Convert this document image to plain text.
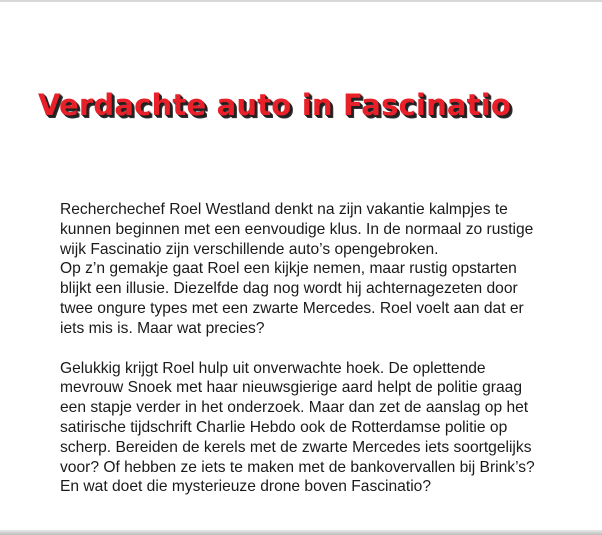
Verdachte auto in Fascinatio

Recherchechef Roel Westland denkt na zijn vakantie kalmpjes te
kunnen beginnen met een eenvoudige klus. In de normaal zo rustige
wijk Fascinatio zijn verschillende auto’s opengebroken.
Op z’n gemakje gaat Roel een kijkje nemen, maar rustig opstarten
blijkt een illusie. Diezelfde dag nog wordt hij achternagezeten door
twee ongure types met een zwarte Mercedes. Roel voelt aan dat er
iets mis is. Maar wat precies?

Gelukkig krijgt Roel hulp uit onverwachte hoek. De oplettende
mevrouw Snoek met haar nieuwsgierige aard helpt de politie graag
een stapje verder in het onderzoek. Maar dan zet de aanslag op het
satirische tijdschrift Charlie Hebdo ook de Rotterdamse politie op
scherp. Bereiden de kerels met de zwarte Mercedes iets soortgelijks
voor? Of hebben ze iets te maken met de bankovervallen bij Brink’s?
En wat doet die mysterieuze drone boven Fascinatio?
